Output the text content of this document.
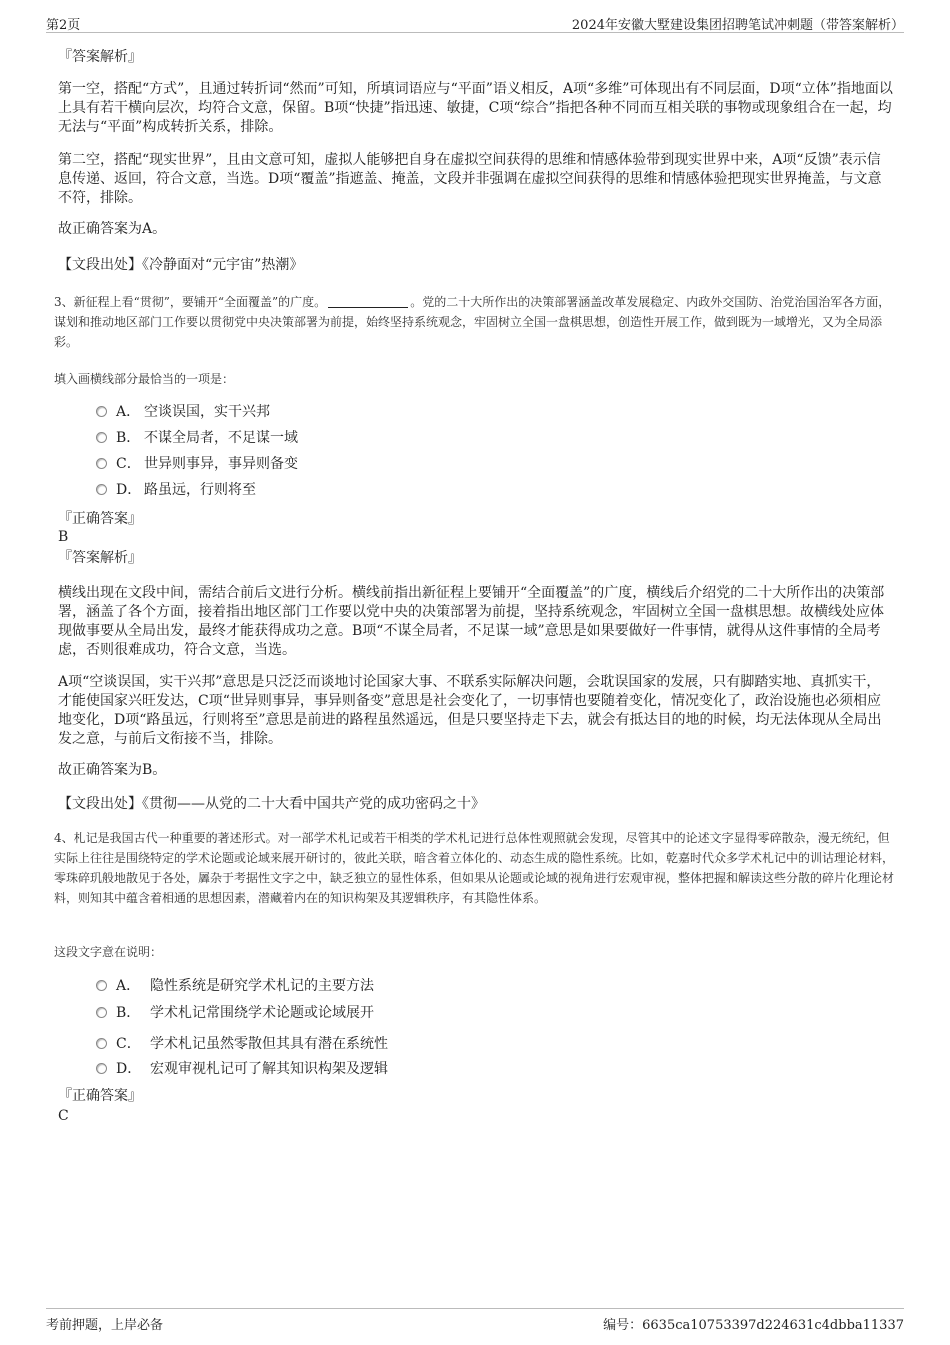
第2页	2024年安徽大墅建设集团招聘笔试冲刺题（带答案解析）

『答案解析』

第一空，搭配“方式”，且通过转折词“然而”可知，所填词语应与“平面”语义相反，A项“多维”可体现出有不同层面，D项“立体”指地面以上具有若干横向层次，均符合文意，保留。B项“快捷”指迅速、敏捷，C项“综合”指把各种不同而互相关联的事物或现象组合在一起，均无法与“平面”构成转折关系，排除。

第二空，搭配“现实世界”，且由文意可知，虚拟人能够把自身在虚拟空间获得的思维和情感体验带到现实世界中来，A项“反馈”表示信息传递、返回，符合文意，当选。D项“覆盖”指遮盖、掩盖，文段并非强调在虚拟空间获得的思维和情感体验把现实世界掩盖，与文意不符，排除。

故正确答案为A。

【文段出处】《冷静面对“元宇宙”热潮》

3、新征程上看“贯彻”，要铺开“全面覆盖”的广度。	。党的二十大所作出的决策部署涵盖改革发展稳定、内政外交国防、治党治国治军各方面，谋划和推动地区部门工作要以贯彻党中央决策部署为前提，始终坚持系统观念，牢固树立全国一盘棋思想，创造性开展工作，做到既为一域增光，又为全局添彩。

填入画横线部分最恰当的一项是：

A． 空谈误国，实干兴邦
B． 不谋全局者，不足谋一域
C． 世异则事异，事异则备变
D． 路虽远，行则将至

『正确答案』

B

『答案解析』

横线出现在文段中间，需结合前后文进行分析。横线前指出新征程上要铺开“全面覆盖”的广度，横线后介绍党的二十大所作出的决策部署，涵盖了各个方面，接着指出地区部门工作要以党中央的决策部署为前提，坚持系统观念，牢固树立全国一盘棋思想。故横线处应体现做事要从全局出发，最终才能获得成功之意。B项“不谋全局者，不足谋一域”意思是如果要做好一件事情，就得从这件事情的全局考虑，否则很难成功，符合文意，当选。

A项“空谈误国，实干兴邦”意思是只泛泛而谈地讨论国家大事、不联系实际解决问题，会耽误国家的发展，只有脚踏实地、真抓实干，才能使国家兴旺发达，C项“世异则事异，事异则备变”意思是社会变化了，一切事情也要随着变化，情况变化了，政治设施也必须相应地变化，D项“路虽远，行则将至”意思是前进的路程虽然遥远，但是只要坚持走下去，就会有抵达目的地的时候，均无法体现从全局出发之意，与前后文衔接不当，排除。

故正确答案为B。

【文段出处】《贯彻——从党的二十大看中国共产党的成功密码之十》

4、札记是我国古代一种重要的著述形式。对一部学术札记或若干相类的学术札记进行总体性观照就会发现，尽管其中的论述文字显得零碎散杂，漫无统纪，但实际上往往是围绕特定的学术论题或论域来展开研讨的，彼此关联，暗含着立体化的、动态生成的隐性系统。比如，乾嘉时代众多学术札记中的训诂理论材料，零珠碎玑般地散见于各处，羼杂于考据性文字之中，缺乏独立的显性体系，但如果从论题或论域的视角进行宏观审视，整体把握和解读这些分散的碎片化理论材料，则知其中蕴含着相通的思想因素，潜藏着内在的知识构架及其逻辑秩序，有其隐性体系。

这段文字意在说明：

A． 隐性系统是研究学术札记的主要方法
B． 学术札记常围绕学术论题或论域展开
C． 学术札记虽然零散但其具有潜在系统性
D． 宏观审视札记可了解其知识构架及逻辑

『正确答案』

C

考前押题，上岸必备	编号：6635ca10753397d224631c4dbba11337
